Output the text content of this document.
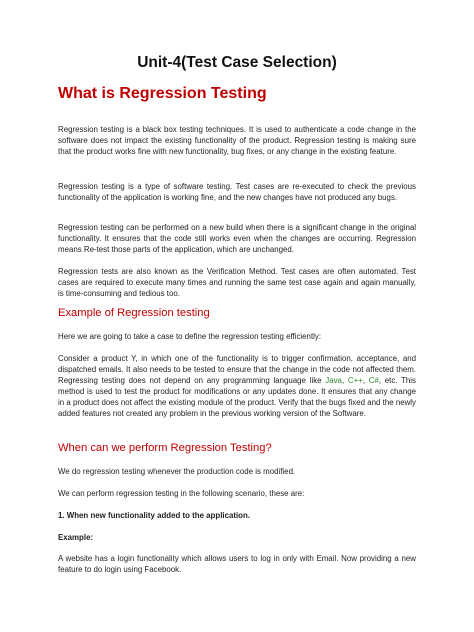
Unit-4(Test Case Selection)
What is Regression Testing
Regression testing is a black box testing techniques. It is used to authenticate a code change in the software does not impact the existing functionality of the product. Regression testing is making sure that the product works fine with new functionality, bug fixes, or any change in the existing feature.
Regression testing is a type of software testing. Test cases are re-executed to check the previous functionality of the application is working fine, and the new changes have not produced any bugs.
Regression testing can be performed on a new build when there is a significant change in the original functionality. It ensures that the code still works even when the changes are occurring. Regression means Re-test those parts of the application, which are unchanged.
Regression tests are also known as the Verification Method. Test cases are often automated. Test cases are required to execute many times and running the same test case again and again manually, is time-consuming and tedious too.
Example of Regression testing
Here we are going to take a case to define the regression testing efficiently:
Consider a product Y, in which one of the functionality is to trigger confirmation, acceptance, and dispatched emails. It also needs to be tested to ensure that the change in the code not affected them. Regressing testing does not depend on any programming language like Java, C++, C#, etc. This method is used to test the product for modifications or any updates done. It ensures that any change in a product does not affect the existing module of the product. Verify that the bugs fixed and the newly added features not created any problem in the previous working version of the Software.
When can we perform Regression Testing?
We do regression testing whenever the production code is modified.
We can perform regression testing in the following scenario, these are:
1. When new functionality added to the application.
Example:
A website has a login functionality which allows users to log in only with Email. Now providing a new feature to do login using Facebook.
